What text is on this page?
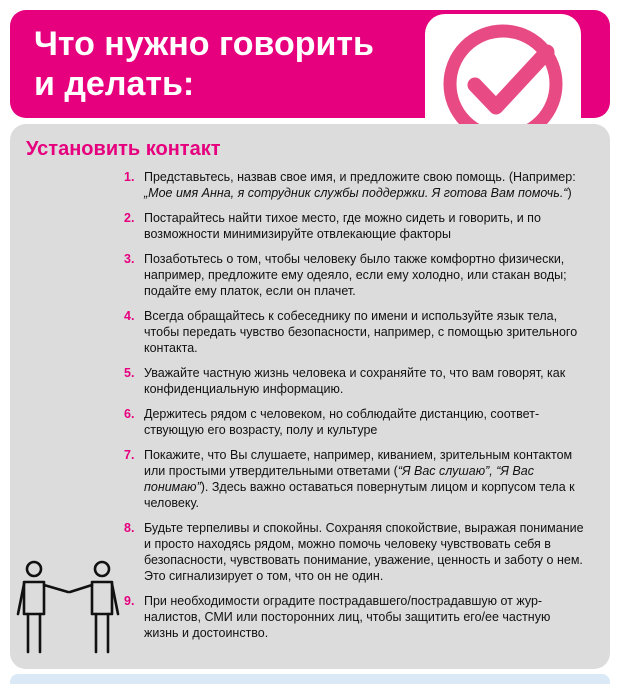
Что нужно говорить
и делать:
Установить контакт
1. Представьтесь, назвав свое имя, и предложите свою помощь. (Например: „Мое имя Анна, я сотрудник службы поддержки. Я готова Вам помочь.“)
2. Постарайтесь найти тихое место, где можно сидеть и говорить, и по возможности минимизируйте отвлекающие факторы
3. Позаботьтесь о том, чтобы человеку было также комфортно физически, например, предложите ему одеяло, если ему холодно, или стакан воды; подайте ему платок, если он плачет.
4. Всегда обращайтесь к собеседнику по имени и используйте язык тела, чтобы передать чувство безопасности, например, с помощью зрительного контакта.
5. Уважайте частную жизнь человека и сохраняйте то, что вам говорят, как конфиденциальную информацию.
6. Держитесь рядом с человеком, но соблюдайте дистанцию, соответствующую его возрасту, полу и культуре
7. Покажите, что Вы слушаете, например, киванием, зрительным контактом или простыми утвердительными ответами (“Я Вас слушаю”, “Я Вас понимаю”). Здесь важно оставаться повернутым лицом и корпусом тела к человеку.
8. Будьте терпеливы и спокойны. Сохраняя спокойствие, выражая понимание и просто находясь рядом, можно помочь человеку чувствовать себя в безопасности, чувствовать понимание, уважение, ценность и заботу о нем. Это сигнализирует о том, что он не один.
9. При необходимости оградите пострадавшего/пострадавшую от журналистов, СМИ или посторонних лиц, чтобы защитить его/ее частную жизнь и достоинство.
